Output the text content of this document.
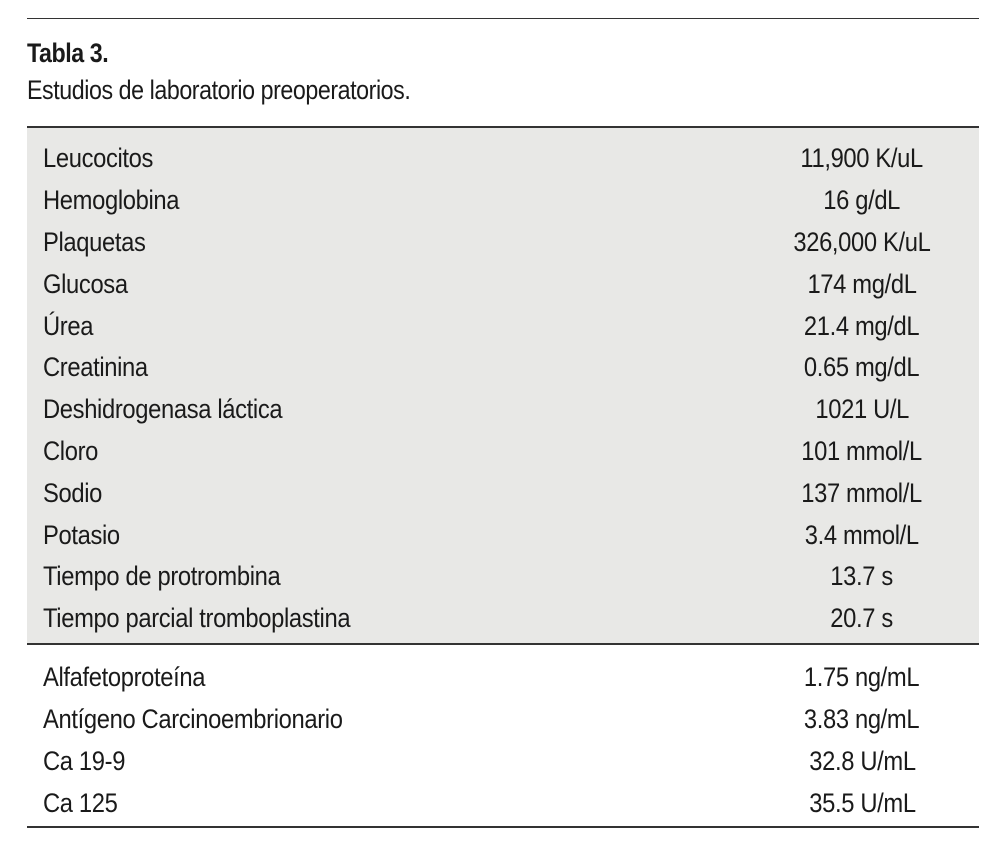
Tabla 3.
Estudios de laboratorio preoperatorios.
Leucocitos	11,900 K/uL
Hemoglobina	16 g/dL
Plaquetas	326,000 K/uL
Glucosa	174 mg/dL
Úrea	21.4 mg/dL
Creatinina	0.65 mg/dL
Deshidrogenasa láctica	1021 U/L
Cloro	101 mmol/L
Sodio	137 mmol/L
Potasio	3.4 mmol/L
Tiempo de protrombina	13.7 s
Tiempo parcial tromboplastina	20.7 s
Alfafetoproteína	1.75 ng/mL
Antígeno Carcinoembrionario	3.83 ng/mL
Ca 19-9	32.8 U/mL
Ca 125	35.5 U/mL
